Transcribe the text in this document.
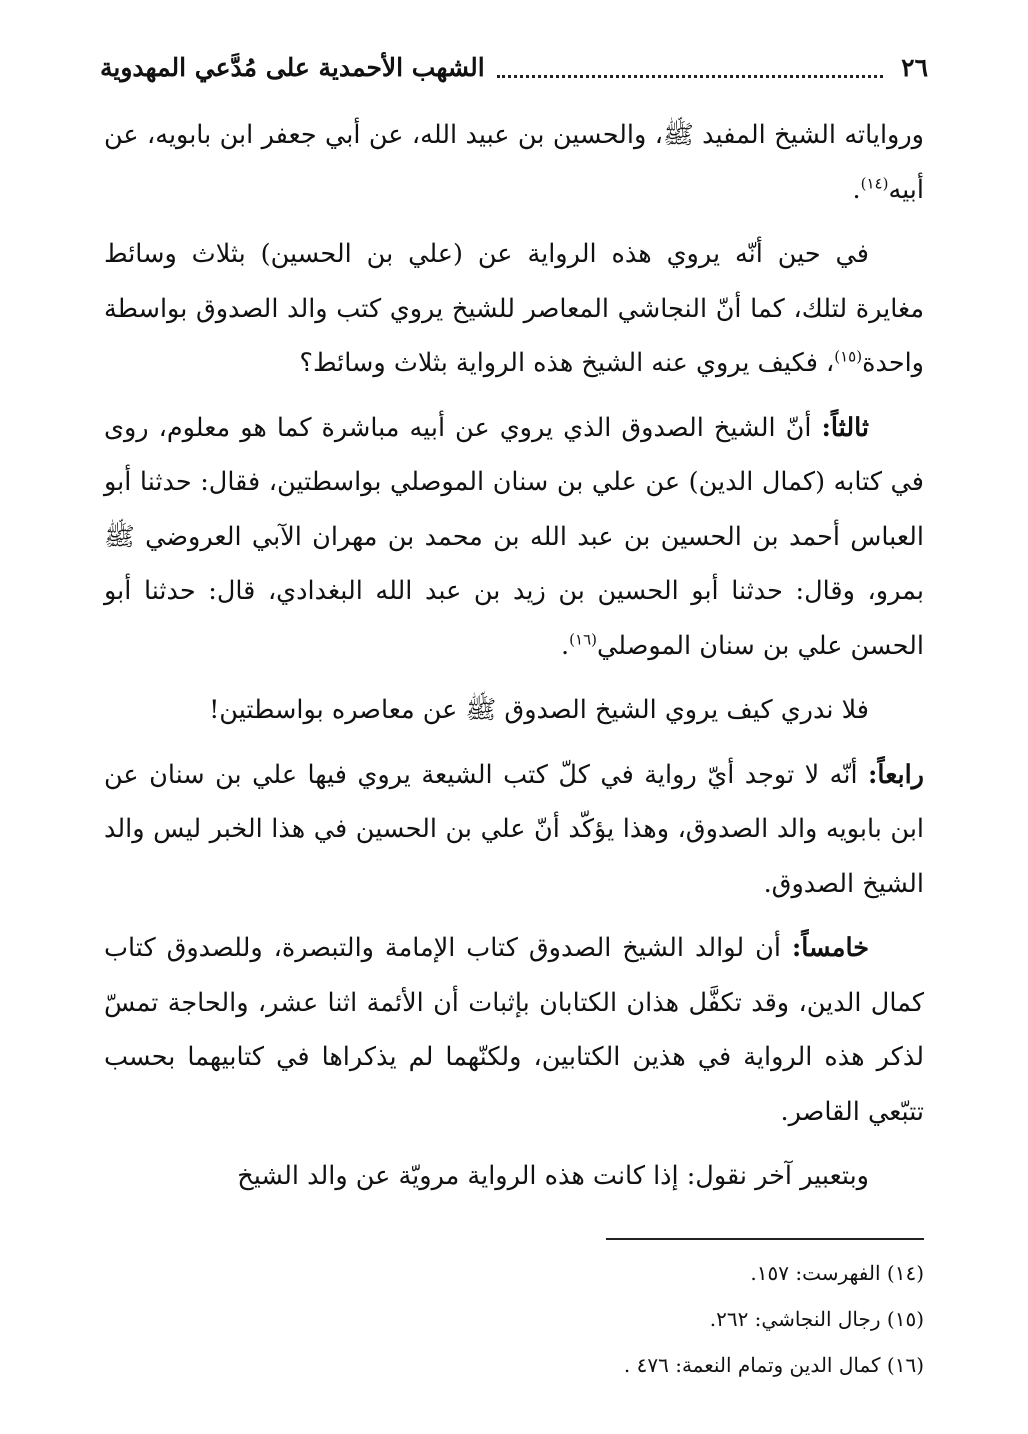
٢٦
الشهب الأحمدية على مُدَّعي المهدوية

ورواياته الشيخ المفيد ﷺ، والحسين بن عبيد الله، عن أبي جعفر ابن بابويه، عن أبيه$^{(١٤)}$.

في حين أنّه يروي هذه الرواية عن (علي بن الحسين) بثلاث وسائط مغايرة لتلك، كما أنّ النجاشي المعاصر للشيخ يروي كتب والد الصدوق بواسطة واحدة$^{(١٥)}$، فكيف يروي عنه الشيخ هذه الرواية بثلاث وسائط؟

ثالثاً: أنّ الشيخ الصدوق الذي يروي عن أبيه مباشرة كما هو معلوم، روى في كتابه (كمال الدين) عن علي بن سنان الموصلي بواسطتين، فقال: حدثنا أبو العباس أحمد بن الحسين بن عبد الله بن محمد بن مهران الآبي العروضي ﷺ بمرو، وقال: حدثنا أبو الحسين بن زيد بن عبد الله البغدادي، قال: حدثنا أبو الحسن علي بن سنان الموصلي$^{(١٦)}$.

فلا ندري كيف يروي الشيخ الصدوق ﷺ عن معاصره بواسطتين!

رابعاً: أنّه لا توجد أيّ رواية في كلّ كتب الشيعة يروي فيها علي بن سنان عن ابن بابويه والد الصدوق، وهذا يؤكّد أنّ علي بن الحسين في هذا الخبر ليس والد الشيخ الصدوق.

خامساً: أن لوالد الشيخ الصدوق كتاب الإمامة والتبصرة، وللصدوق كتاب كمال الدين، وقد تكفَّل هذان الكتابان بإثبات أن الأئمة اثنا عشر، والحاجة تمسّ لذكر هذه الرواية في هذين الكتابين، ولكنّهما لم يذكراها في كتابيهما بحسب تتبّعي القاصر.

وبتعبير آخر نقول: إذا كانت هذه الرواية مرويّة عن والد الشيخ

(١٤) الفهرست: ١٥٧.
(١٥) رجال النجاشي: ٢٦٢.
(١٦) كمال الدين وتمام النعمة: ٤٧٦ .
